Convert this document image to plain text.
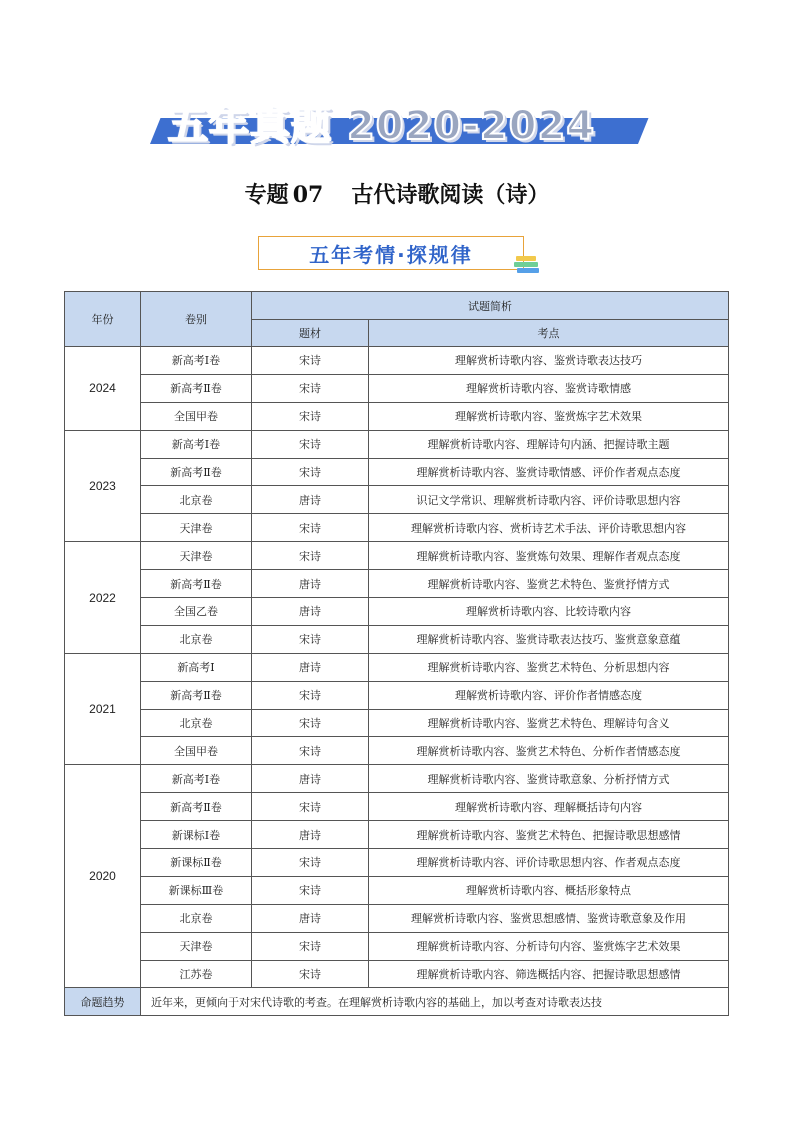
五年真题 2020-2024
专题 07 古代诗歌阅读（诗）
五年考情·探规律
年份	卷别	试题简析	
		题材	考点
2024	新高考Ⅰ卷	宋诗	理解赏析诗歌内容、鉴赏诗歌表达技巧
	新高考Ⅱ卷	宋诗	理解赏析诗歌内容、鉴赏诗歌情感
	全国甲卷	宋诗	理解赏析诗歌内容、鉴赏炼字艺术效果
2023	新高考Ⅰ卷	宋诗	理解赏析诗歌内容、理解诗句内涵、把握诗歌主题
	新高考Ⅱ卷	宋诗	理解赏析诗歌内容、鉴赏诗歌情感、评价作者观点态度
	北京卷	唐诗	识记文学常识、理解赏析诗歌内容、评价诗歌思想内容
	天津卷	宋诗	理解赏析诗歌内容、赏析诗艺术手法、评价诗歌思想内容
2022	天津卷	宋诗	理解赏析诗歌内容、鉴赏炼句效果、理解作者观点态度
	新高考Ⅱ卷	唐诗	理解赏析诗歌内容、鉴赏艺术特色、鉴赏抒情方式
	全国乙卷	唐诗	理解赏析诗歌内容、比较诗歌内容
	北京卷	宋诗	理解赏析诗歌内容、鉴赏诗歌表达技巧、鉴赏意象意蕴
2021	新高考Ⅰ	唐诗	理解赏析诗歌内容、鉴赏艺术特色、分析思想内容
	新高考Ⅱ卷	宋诗	理解赏析诗歌内容、评价作者情感态度
	北京卷	宋诗	理解赏析诗歌内容、鉴赏艺术特色、理解诗句含义
	全国甲卷	宋诗	理解赏析诗歌内容、鉴赏艺术特色、分析作者情感态度
2020	新高考Ⅰ卷	唐诗	理解赏析诗歌内容、鉴赏诗歌意象、分析抒情方式
	新高考Ⅱ卷	宋诗	理解赏析诗歌内容、理解概括诗句内容
	新课标Ⅰ卷	唐诗	理解赏析诗歌内容、鉴赏艺术特色、把握诗歌思想感情
	新课标Ⅱ卷	宋诗	理解赏析诗歌内容、评价诗歌思想内容、作者观点态度
	新课标Ⅲ卷	宋诗	理解赏析诗歌内容、概括形象特点
	北京卷	唐诗	理解赏析诗歌内容、鉴赏思想感情、鉴赏诗歌意象及作用
	天津卷	宋诗	理解赏析诗歌内容、分析诗句内容、鉴赏炼字艺术效果
	江苏卷	宋诗	理解赏析诗歌内容、筛选概括内容、把握诗歌思想感情
命题趋势	近年来，更倾向于对宋代诗歌的考查。在理解赏析诗歌内容的基础上，加以考查对诗歌表达技		
